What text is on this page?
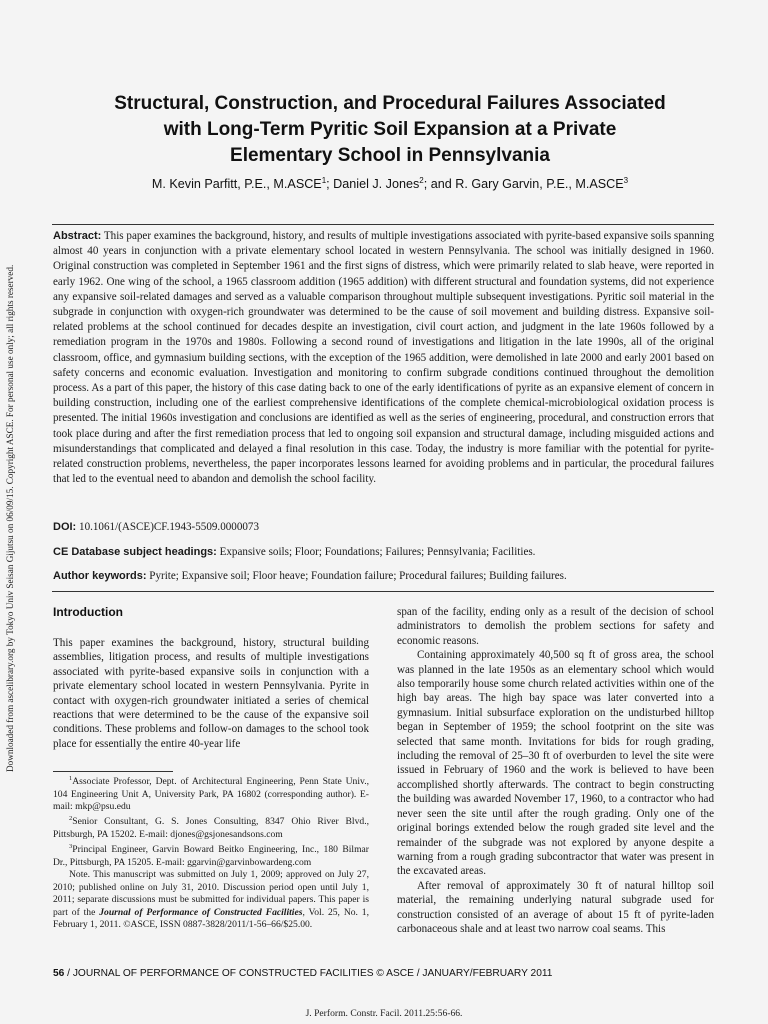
Downloaded from ascelibrary.org by Tokyo Univ Seisan Gijutsu on 06/09/15. Copyright ASCE. For personal use only; all rights reserved.
Structural, Construction, and Procedural Failures Associated
with Long-Term Pyritic Soil Expansion at a Private
Elementary School in Pennsylvania
M. Kevin Parfitt, P.E., M.ASCE$^1$; Daniel J. Jones$^2$; and R. Gary Garvin, P.E., M.ASCE$^3$
Abstract: This paper examines the background, history, and results of multiple investigations associated with pyrite-based expansive soils spanning almost 40 years in conjunction with a private elementary school located in western Pennsylvania. The school was initially designed in 1960. Original construction was completed in September 1961 and the first signs of distress, which were primarily related to slab heave, were reported in early 1962. One wing of the school, a 1965 classroom addition (1965 addition) with different structural and foundation systems, did not experience any expansive soil-related damages and served as a valuable comparison throughout multiple subsequent investigations. Pyritic soil material in the subgrade in conjunction with oxygen-rich groundwater was determined to be the cause of soil movement and building distress. Expansive soil-related problems at the school continued for decades despite an investigation, civil court action, and judgment in the late 1960s followed by a remediation program in the 1970s and 1980s. Following a second round of investigations and litigation in the late 1990s, all of the original classroom, office, and gymnasium building sections, with the exception of the 1965 addition, were demolished in late 2000 and early 2001 based on safety concerns and economic evaluation. Investigation and monitoring to confirm subgrade conditions continued throughout the demolition process. As a part of this paper, the history of this case dating back to one of the early identifications of pyrite as an expansive element of concern in building construction, including one of the earliest comprehensive identifications of the complete chemical-microbiological oxidation process is presented. The initial 1960s investigation and conclusions are identified as well as the series of engineering, procedural, and construction errors that took place during and after the first remediation process that led to ongoing soil expansion and structural damage, including misguided actions and misunderstandings that complicated and delayed a final resolution in this case. Today, the industry is more familiar with the potential for pyrite-related construction problems, nevertheless, the paper incorporates lessons learned for avoiding problems and in particular, the procedural failures that led to the eventual need to abandon and demolish the school facility.
DOI: 10.1061/(ASCE)CF.1943-5509.0000073
CE Database subject headings: Expansive soils; Floor; Foundations; Failures; Pennsylvania; Facilities.
Author keywords: Pyrite; Expansive soil; Floor heave; Foundation failure; Procedural failures; Building failures.
Introduction

This paper examines the background, history, structural building assemblies, litigation process, and results of multiple investigations associated with pyrite-based expansive soils in conjunction with a private elementary school located in western Pennsylvania. Pyrite in contact with oxygen-rich groundwater initiated a series of chemical reactions that were determined to be the cause of the expansive soil conditions. These problems and follow-on damages to the school took place for essentially the entire 40-year life

$^1$Associate Professor, Dept. of Architectural Engineering, Penn State Univ., 104 Engineering Unit A, University Park, PA 16802 (corresponding author). E-mail: mkp@psu.edu

$^2$Senior Consultant, G. S. Jones Consulting, 8347 Ohio River Blvd., Pittsburgh, PA 15202. E-mail: djones@gsjonesandsons.com

$^3$Principal Engineer, Garvin Boward Beitko Engineering, Inc., 180 Bilmar Dr., Pittsburgh, PA 15205. E-mail: ggarvin@garvinbowardeng.com

Note. This manuscript was submitted on July 1, 2009; approved on July 27, 2010; published online on July 31, 2010. Discussion period open until July 1, 2011; separate discussions must be submitted for individual papers. This paper is part of the Journal of Performance of Constructed Facilities, Vol. 25, No. 1, February 1, 2011. ©ASCE, ISSN 0887-3828/2011/1-56–66/$25.00.

span of the facility, ending only as a result of the decision of school administrators to demolish the problem sections for safety and economic reasons.

Containing approximately 40,500 sq ft of gross area, the school was planned in the late 1950s as an elementary school which would also temporarily house some church related activities within one of the high bay areas. The high bay space was later converted into a gymnasium. Initial subsurface exploration on the undisturbed hilltop began in September of 1959; the school footprint on the site was selected that same month. Invitations for bids for rough grading, including the removal of 25–30 ft of overburden to level the site were issued in February of 1960 and the work is believed to have been accomplished shortly afterwards. The contract to begin constructing the building was awarded November 17, 1960, to a contractor who had never seen the site until after the rough grading. Only one of the original borings extended below the rough graded site level and the remainder of the subgrade was not explored by anyone despite a warning from a rough grading subcontractor that water was present in the excavated areas.

After removal of approximately 30 ft of natural hilltop soil material, the remaining underlying natural subgrade used for construction consisted of an average of about 15 ft of pyrite-laden carbonaceous shale and at least two narrow coal seams. This

56 / JOURNAL OF PERFORMANCE OF CONSTRUCTED FACILITIES © ASCE / JANUARY/FEBRUARY 2011
J. Perform. Constr. Facil. 2011.25:56-66.
